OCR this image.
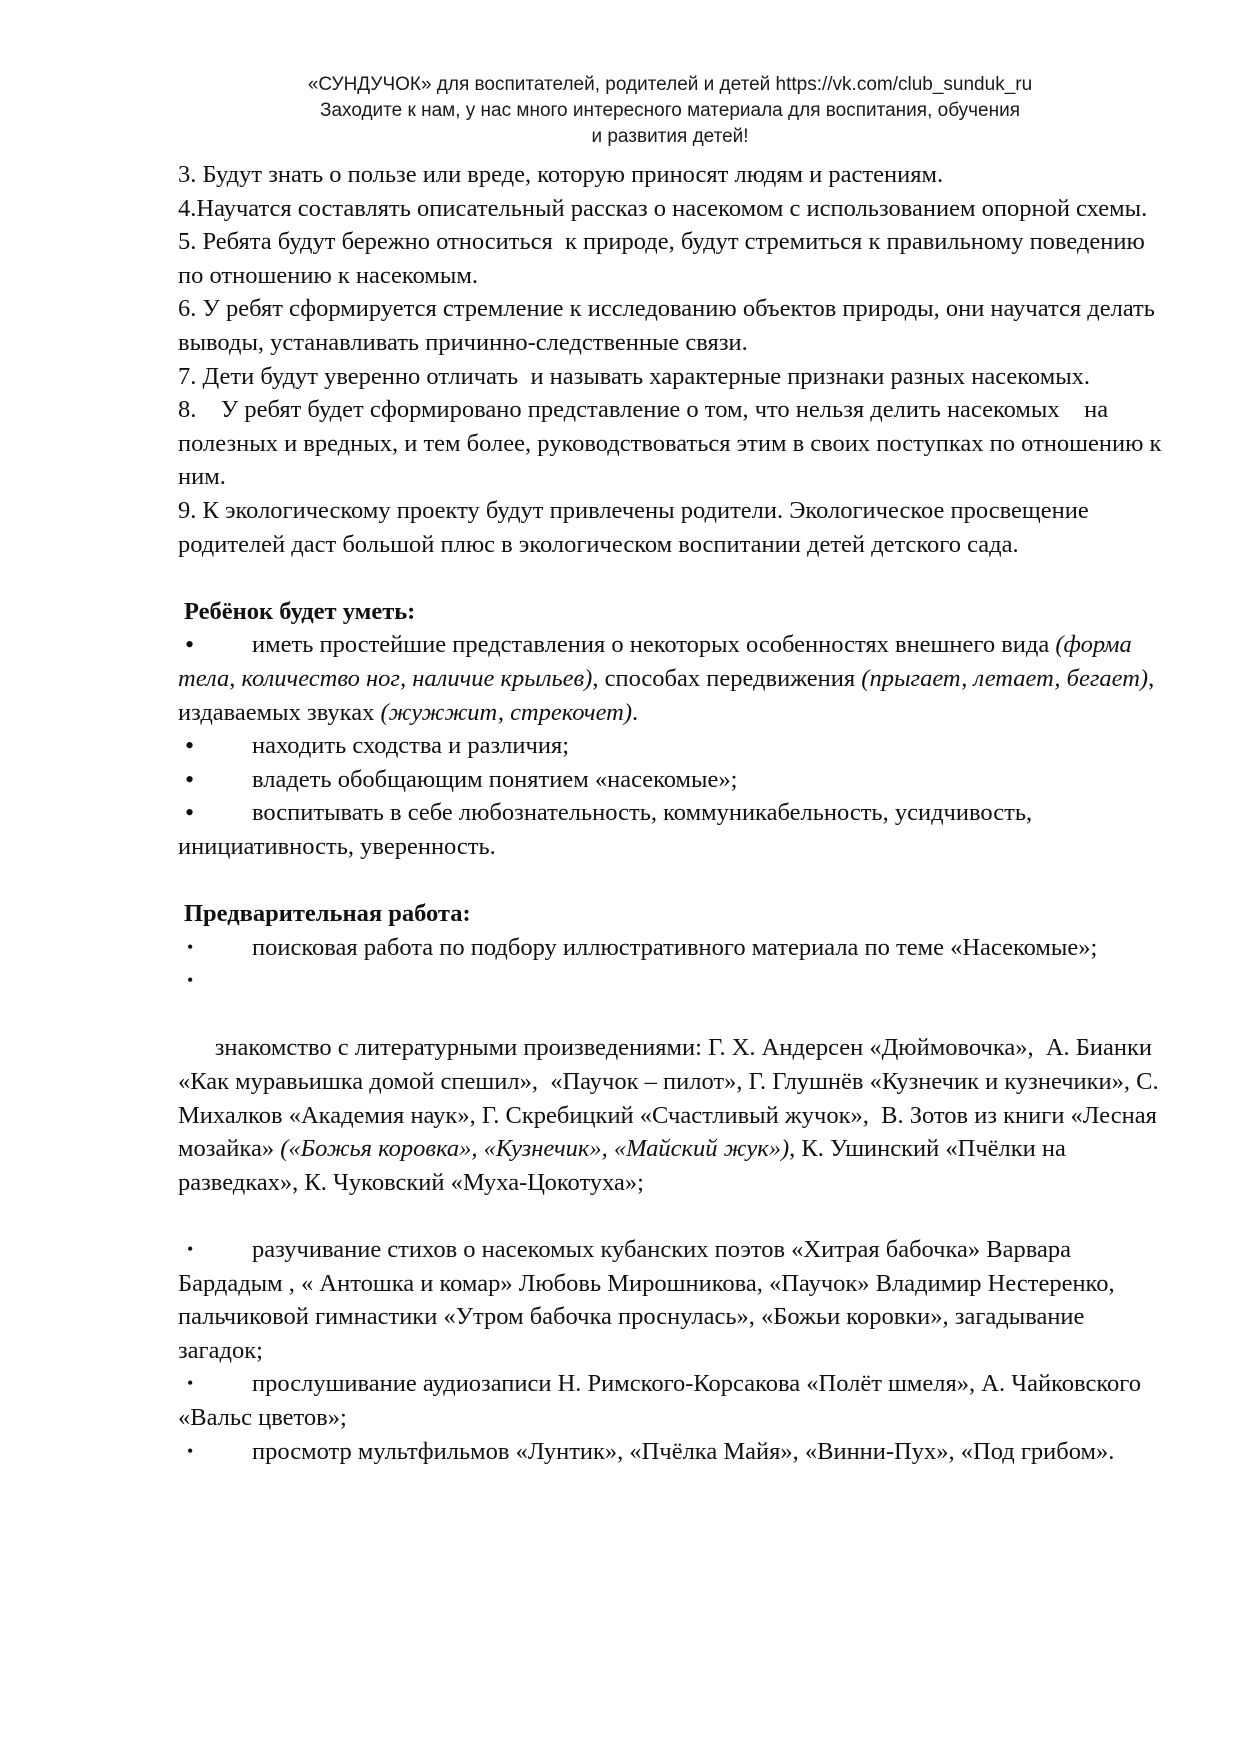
«СУНДУЧОК» для воспитателей, родителей и детей https://vk.com/club_sunduk_ru
Заходите к нам, у нас много интересного материала для воспитания, обучения
и развития детей!

3. Будут знать о пользе или вреде, которую приносят людям и растениям.

4.Научатся составлять описательный рассказ о насекомом с использованием опорной схемы.

5. Ребята будут бережно относиться  к природе, будут стремиться к правильному поведению по отношению к насекомым.

6. У ребят сформируется стремление к исследованию объектов природы, они научатся делать выводы, устанавливать причинно-следственные связи.

7. Дети будут уверенно отличать  и называть характерные признаки разных насекомых.

8.    У ребят будет сформировано представление о том, что нельзя делить насекомых    на полезных и вредных, и тем более, руководствоваться этим в своих поступках по отношению к ним.

9. К экологическому проекту будут привлечены родители. Экологическое просвещение родителей даст большой плюс в экологическом воспитании детей детского сада.

Ребёнок будет уметь:

• иметь простейшие представления о некоторых особенностях внешнего вида (форма тела, количество ног, наличие крыльев), способах передвижения (прыгает, летает, бегает), издаваемых звуках (жужжит, стрекочет).

• находить сходства и различия;

• владеть обобщающим понятием «насекомые»;

• воспитывать в себе любознательность, коммуникабельность, усидчивость, инициативность, уверенность.

Предварительная работа:

• поисковая работа по подбору иллюстративного материала по теме «Насекомые»;

•

знакомство с литературными произведениями: Г. Х. Андерсен «Дюймовочка»,  А. Бианки «Как муравьишка домой спешил»,  «Паучок – пилот», Г. Глушнёв «Кузнечик и кузнечики», С. Михалков «Академия наук», Г. Скребицкий «Счастливый жучок»,  В. Зотов из книги «Лесная мозайка» («Божья коровка», «Кузнечик», «Майский жук»), К. Ушинский «Пчёлки на разведках», К. Чуковский «Муха-Цокотуха»;

• разучивание стихов о насекомых кубанских поэтов «Хитрая бабочка» Варвара Бардадым , « Антошка и комар» Любовь Мирошникова, «Паучок» Владимир Нестеренко, пальчиковой гимнастики «Утром бабочка проснулась», «Божьи коровки», загадывание загадок;

• прослушивание аудиозаписи Н. Римского-Корсакова «Полёт шмеля», А. Чайковского «Вальс цветов»;

• просмотр мультфильмов «Лунтик», «Пчёлка Майя», «Винни-Пух», «Под грибом».
